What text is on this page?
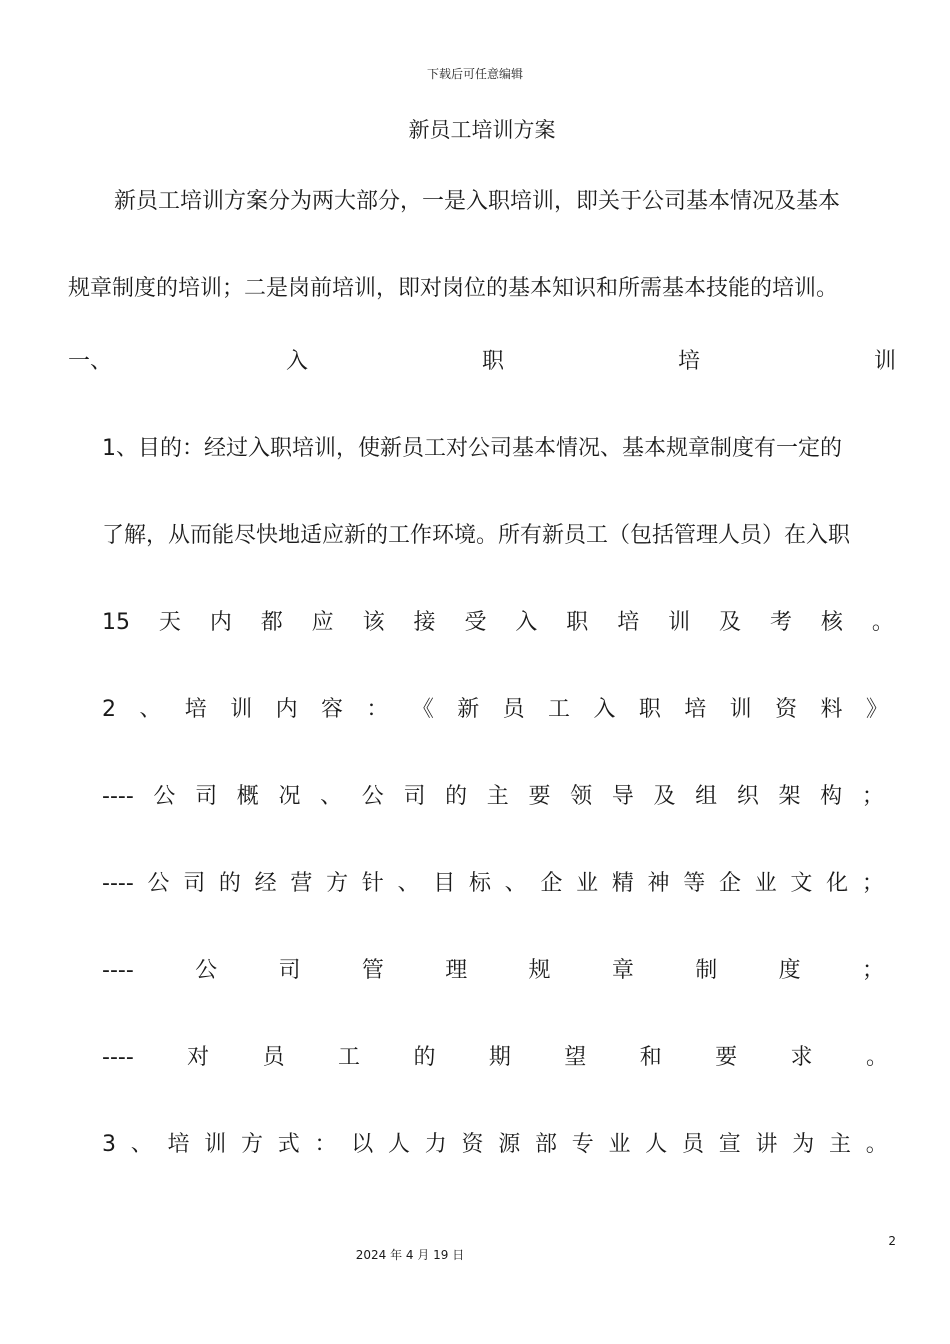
下载后可任意编辑
新员工培训方案
新员工培训方案分为两大部分，一是入职培训，即关于公司基本情况及基本
规章制度的培训；二是岗前培训，即对岗位的基本知识和所需基本技能的培训。
一、	入	职	培	训
1、目的：经过入职培训，使新员工对公司基本情况、基本规章制度有一定的
了解，从而能尽快地适应新的工作环境。所有新员工（包括管理人员）在入职
15 天 内 都 应 该 接 受 入 职 培 训 及 考 核 。
2 、 培 训 内 容 ： 《 新 员 工 入 职 培 训 资 料 》
---- 公 司 概 况 、 公 司 的 主 要 领 导 及 组 织 架 构 ；
---- 公 司 的 经 营 方 针 、 目 标 、 企 业 精 神 等 企 业 文 化 ；
----	公	司	管	理	规	章	制	度	；
---- 对 员 工 的 期 望 和 要 求 。
3 、 培 训 方 式 ： 以 人 力 资 源 部 专 业 人 员 宣 讲 为 主 。
2
2024 年 4 月 19 日
